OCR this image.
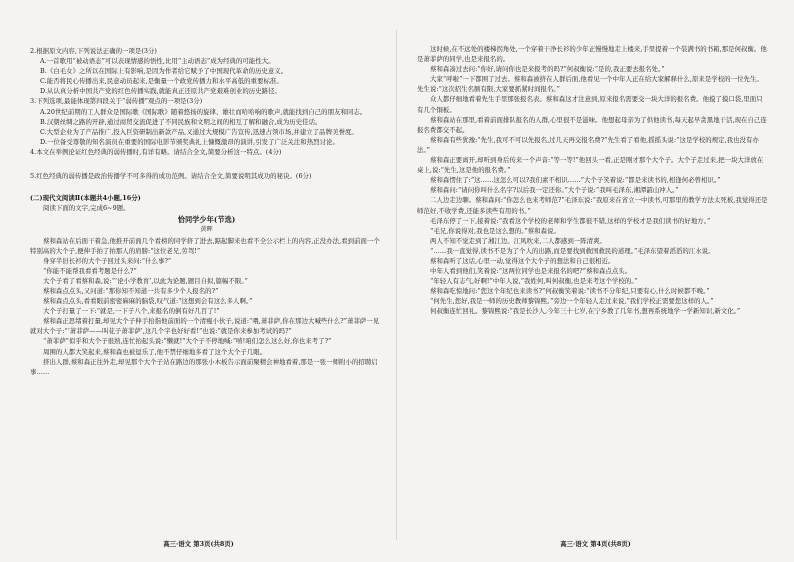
2.根据原文内容,下列说法正确的一项是(3分)

A.一首歌用“被动语态”可以表现情感的悟性,比用“主动语态”成为经典的可能性大。

B.《白毛女》之所以在国际上有影响,是因为作者给它赋予了中国现代革命的历史意义。

C.能否将民心传播出来,民意动员起来,是衡量一个政党传播力和水平高低的重要标准。

D.从认真分析中国共产党的红色传播实践,就能真正还原共产党艰难创业的历史路径。

3.下列选项,最能体现第四段关于“弱传播”观点的一项是(3分)

A.20世纪前期的工人群众是国际歌《国际歌》随着悠扬的旋律、雄壮而哈哈响的歌声,就能找到自己的朋友和同志。

B.汉朝丝绸之路的开辟,通过商贸交流促进了不同民族和文明之间的相互了解和融合,成为历史佳话。

C.大型企业为了产品推广,投入巨资研制出新款产品,又通过大规模广告宣传,迅速占领市场,并建立了品牌美誉度。

D.一位备受尊敬的知名演员在重要的国际电影节颁奖典礼上慷慨激昂的演讲,引发了广泛关注和热烈讨论。

4.本文在举例论证红色经典的弱传播时,有详有略。请结合全文,简要分析这一特点。(4分)

5.红色经典的弱传播是政治传播学不可多得的成功范例。请结合全文,简要说明其成功的秘诀。(6分)

(二)现代文阅读Ⅱ(本题共4小题,16分)

阅读下面的文字,完成6~9题。

恰同学少年(节选)

黄晖

蔡和森站在后面干着急,他推开前面几个看榜的同学挤了进去,踮起脚来也看不全公示栏上的内容,正没办法,看到前面一个特别高的大个子,便伸手拍了拍那人的肩膀:“这位老兄,劳驾!”

身穿半旧长衫的大个子回过头来问:“什么事?”

“你能不能帮我看看考题是什么?”

大个子看了看蔡和森,说:“‘论小学教育’,以此为论题,题目自拟,篇幅不限。”

蔡和森点点头,又问道:“那你知不知道一共有多少个人报名的?”

蔡和森点点头,看看眼前密密麻麻的脑袋,叹气道:“这想到会有这么多人啊。”

大个子打量了一下:“就是,一下子八个,来报名的倒有好几百了!”

蔡和森正思绪着打量,却见大个子伸手抬指他前面的一个清瘦小伙子,说道:“喂,萧菲萨,你在那边大喊些什么?”萧菲萨一见就对大个子:“‘萧菲萨——叫花子萧菲萨’,这几个字也好好看!”也说:“就是你来参加考试的吗?”

“萧菲萨”似乎和大个子很熟,连忙抬起头说:“懒就!”大个子不停地喊:“嘻!咱们怎么这么好,你也来考了?”

周围的人都大笑起来,蔡和森也被逗乐了,他不禁仔细地多看了这个大个子几眼。

挤出人群,蔡和森正往外走,却见那个大个子站在路边的那张小木板告示面前聚精会神地看着,那是一张一师附小的招聘启事……

高三·语文 第3页(共8页)

这时候,在不远处的楼梯拐角处,一个穿着干净长衫的少年正慢慢地走上楼来,手里提着一个装满书的书箱,那是何叔衡。他是萧菲萨的同学,也是来报名的。

蔡和森凑过去问:“你好,请问你也是来报考的吗?”何叔衡说:“是的,我正要去报名处。”

大家“呼啦”一下都围了过去。蔡和森被挤在人群后面,他看见一个中年人正在给大家解释什么,原来是学校的一位先生。先生说:“这次招生名额有限,大家要抓紧时间报名。”

众人都仔细地看着先生手里那张报名表。蔡和森这才注意到,原来报名需要交一块大洋的报名费。他摸了摸口袋,里面只有几个铜板。

蔡和森站在那里,看着前面排队报名的人群,心里很不是滋味。他想起母亲为了供他读书,每天起早贪黑地干活,现在自己连报名费都交不起。

蔡和森有些犹豫:“先生,我可不可以先报名,过几天再交报名费?”先生看了看他,摇摇头说:“这是学校的规定,我也没有办法。”

蔡和森正要离开,却听到身后传来一个声音:“等一等!”他回头一看,正是刚才那个大个子。大个子走过来,把一块大洋放在桌上,说:“先生,这是他的报名费。”

蔡和森愣住了:“这……这怎么可以?我们素不相识……”大个子笑着说:“都是来读书的,相逢何必曾相识。”

蔡和森问:“请问你叫什么名字?以后我一定还你。”大个子说:“我叫毛泽东,湘潭韶山冲人。”

二人边走边聊。蔡和森问:“你怎么也来考师范?”毛泽东说:“我原来在省立一中读书,可那里的教学方法太死板,我觉得还是师范好,不收学费,还能多读些有用的书。”

毛泽东停了一下,接着说:“我看这个学校的老师和学生都很不错,这样的学校才是我们读书的好地方。”

“毛兄,你说得对,我也是这么想的。”蔡和森说。

两人不知不觉走到了湘江边。江风吹来,二人都感到一阵清爽。

“……我一直觉得,读书不是为了个人的出路,而是要找到救国救民的道理。”毛泽东望着滔滔的江水说。

蔡和森听了这话,心里一动,觉得这个大个子的想法和自己很相近。

中年人看到他们,笑着说:“这两位同学也是来报名的吧?”蔡和森点点头。

“年轻人有志气,好啊!”中年人说,“我姓何,叫何叔衡,也是来考这个学校的。”

蔡和森吃惊地问:“您这个年纪也来读书?”何叔衡笑着说:“读书不分年纪,只要有心,什么时候都不晚。”

“何先生,您好,我是一师的历史教师黎锦熙。”旁边一个年轻人走过来说,“我们学校正需要您这样的人。”

何叔衡连忙回礼。黎锦熙说:“我是长沙人,今年三十七岁,在宁乡教了几年书,想再系统地学一学新知识,新文化。”

高三·语文 第4页(共8页)
